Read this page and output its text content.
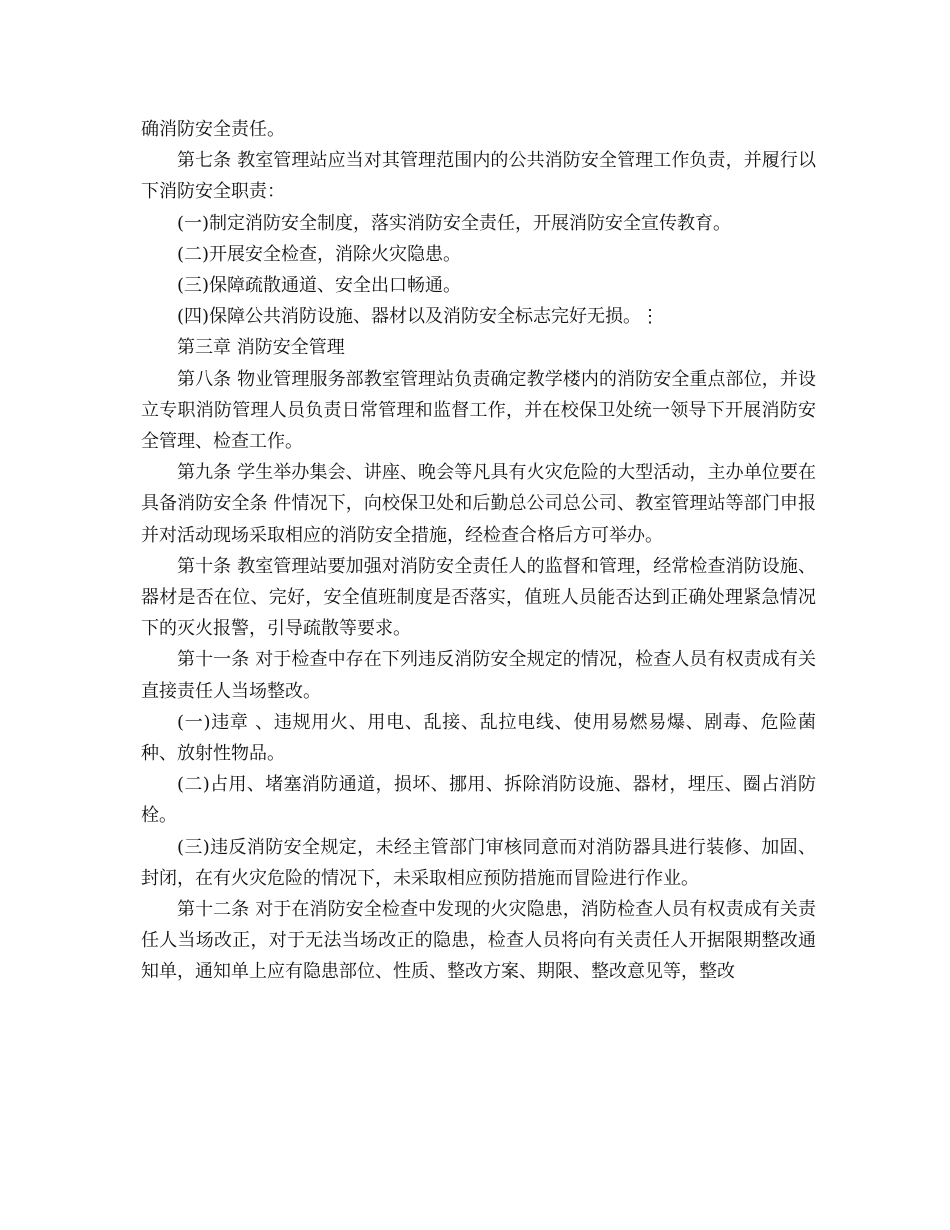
确消防安全责任。

第七条 教室管理站应当对其管理范围内的公共消防安全管理工作负责，并履行以下消防安全职责：

(一)制定消防安全制度，落实消防安全责任，开展消防安全宣传教育。

(二)开展安全检查，消除火灾隐患。

(三)保障疏散通道、安全出口畅通。

(四)保障公共消防设施、器材以及消防安全标志完好无损。⋮

第三章 消防安全管理

第八条 物业管理服务部教室管理站负责确定教学楼内的消防安全重点部位，并设立专职消防管理人员负责日常管理和监督工作，并在校保卫处统一领导下开展消防安全管理、检查工作。

第九条 学生举办集会、讲座、晚会等凡具有火灾危险的大型活动，主办单位要在具备消防安全条 件情况下，向校保卫处和后勤总公司总公司、教室管理站等部门申报并对活动现场采取相应的消防安全措施，经检查合格后方可举办。

第十条 教室管理站要加强对消防安全责任人的监督和管理，经常检查消防设施、器材是否在位、完好，安全值班制度是否落实，值班人员能否达到正确处理紧急情况下的灭火报警，引导疏散等要求。

第十一条 对于检查中存在下列违反消防安全规定的情况，检查人员有权责成有关直接责任人当场整改。

(一)违章 、违规用火、用电、乱接、乱拉电线、使用易燃易爆、剧毒、危险菌种、放射性物品。

(二)占用、堵塞消防通道，损坏、挪用、拆除消防设施、器材，埋压、圈占消防栓。

(三)违反消防安全规定，未经主管部门审核同意而对消防器具进行装修、加固、封闭，在有火灾危险的情况下，未采取相应预防措施而冒险进行作业。

第十二条 对于在消防安全检查中发现的火灾隐患，消防检查人员有权责成有关责任人当场改正，对于无法当场改正的隐患，检查人员将向有关责任人开据限期整改通知单，通知单上应有隐患部位、性质、整改方案、期限、整改意见等，整改
